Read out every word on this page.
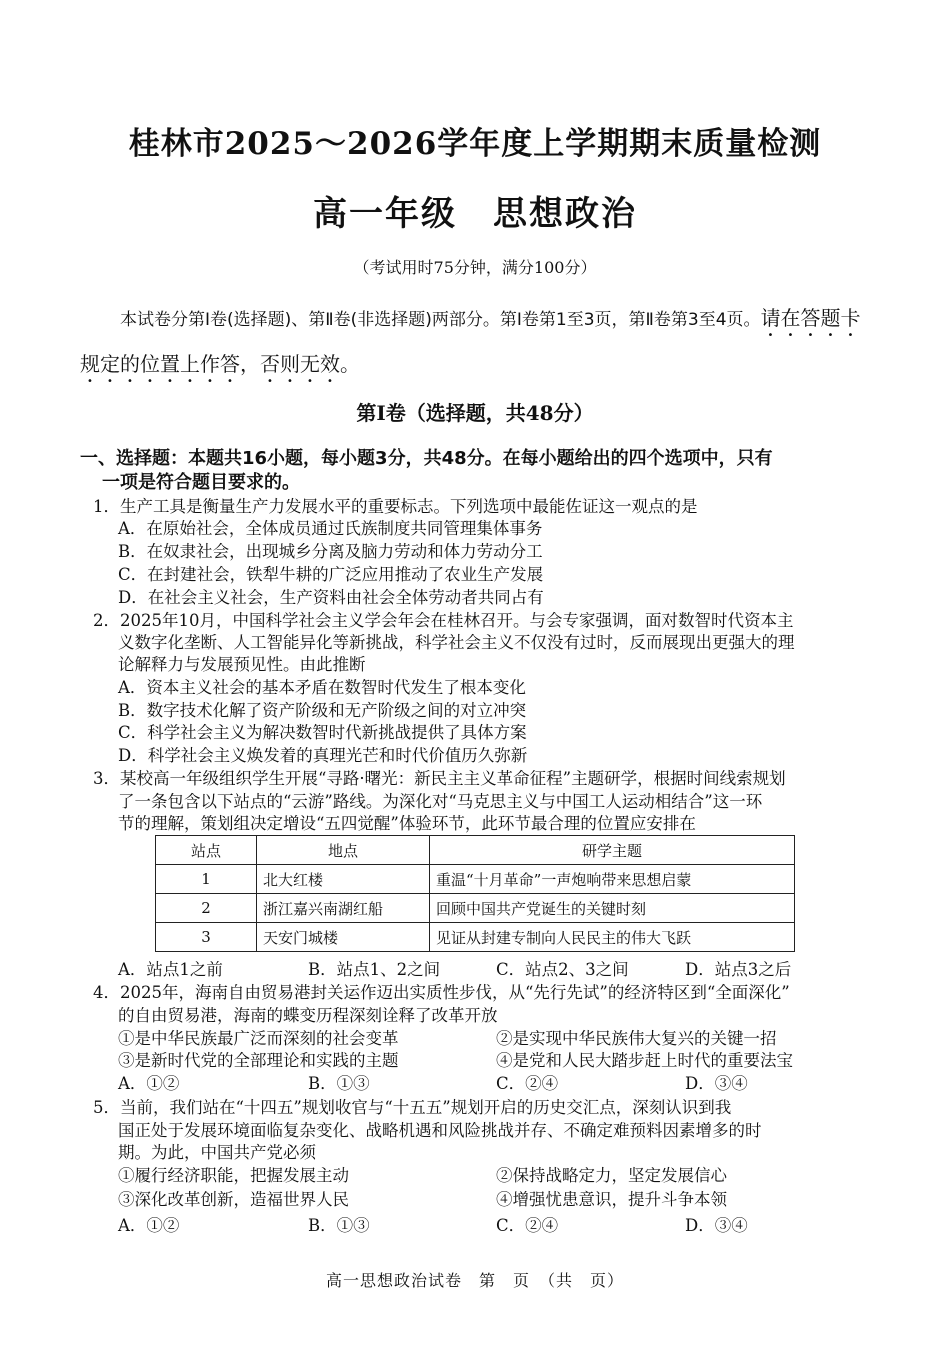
桂林市2025～2026学年度上学期期末质量检测
高一年级 思想政治
（考试用时75分钟，满分100分）
本试卷分第Ⅰ卷(选择题)、第Ⅱ卷(非选择题)两部分。第Ⅰ卷第1至3页，第Ⅱ卷第3至4页。请在答题卡规定的位置上作答，否则无效。
第Ⅰ卷（选择题，共48分）
一、选择题：本题共16小题，每小题3分，共48分。在每小题给出的四个选项中，只有
一项是符合题目要求的。
1．生产工具是衡量生产力发展水平的重要标志。下列选项中最能佐证这一观点的是
A．在原始社会，全体成员通过氏族制度共同管理集体事务
B．在奴隶社会，出现城乡分离及脑力劳动和体力劳动分工
C．在封建社会，铁犁牛耕的广泛应用推动了农业生产发展
D．在社会主义社会，生产资料由社会全体劳动者共同占有
2．2025年10月，中国科学社会主义学会年会在桂林召开。与会专家强调，面对数智时代资本主
义数字化垄断、人工智能异化等新挑战，科学社会主义不仅没有过时，反而展现出更强大的理
论解释力与发展预见性。由此推断
A．资本主义社会的基本矛盾在数智时代发生了根本变化
B．数字技术化解了资产阶级和无产阶级之间的对立冲突
C．科学社会主义为解决数智时代新挑战提供了具体方案
D．科学社会主义焕发着的真理光芒和时代价值历久弥新
3．某校高一年级组织学生开展“寻路·曙光：新民主主义革命征程”主题研学，根据时间线索规划
了一条包含以下站点的“云游”路线。为深化对“马克思主义与中国工人运动相结合”这一环
节的理解，策划组决定增设“五四觉醒”体验环节，此环节最合理的位置应安排在
站点	地点	研学主题
1	北大红楼	重温“十月革命”一声炮响带来思想启蒙
2	浙江嘉兴南湖红船	回顾中国共产党诞生的关键时刻
3	天安门城楼	见证从封建专制向人民民主的伟大飞跃
A．站点1之前	B．站点1、2之间	C．站点2、3之间	D．站点3之后
4．2025年，海南自由贸易港封关运作迈出实质性步伐，从“先行先试”的经济特区到“全面深化”
的自由贸易港，海南的蝶变历程深刻诠释了改革开放
①是中华民族最广泛而深刻的社会变革	②是实现中华民族伟大复兴的关键一招
③是新时代党的全部理论和实践的主题	④是党和人民大踏步赶上时代的重要法宝
A．①②	B．①③	C．②④	D．③④
5．当前，我们站在“十四五”规划收官与“十五五”规划开启的历史交汇点，深刻认识到我
国正处于发展环境面临复杂变化、战略机遇和风险挑战并存、不确定难预料因素增多的时
期。为此，中国共产党必须
①履行经济职能，把握发展主动	②保持战略定力，坚定发展信心
③深化改革创新，造福世界人民	④增强忧患意识，提升斗争本领
A．①②	B．①③	C．②④	D．③④
高一思想政治试卷　第　页　（共　页）
